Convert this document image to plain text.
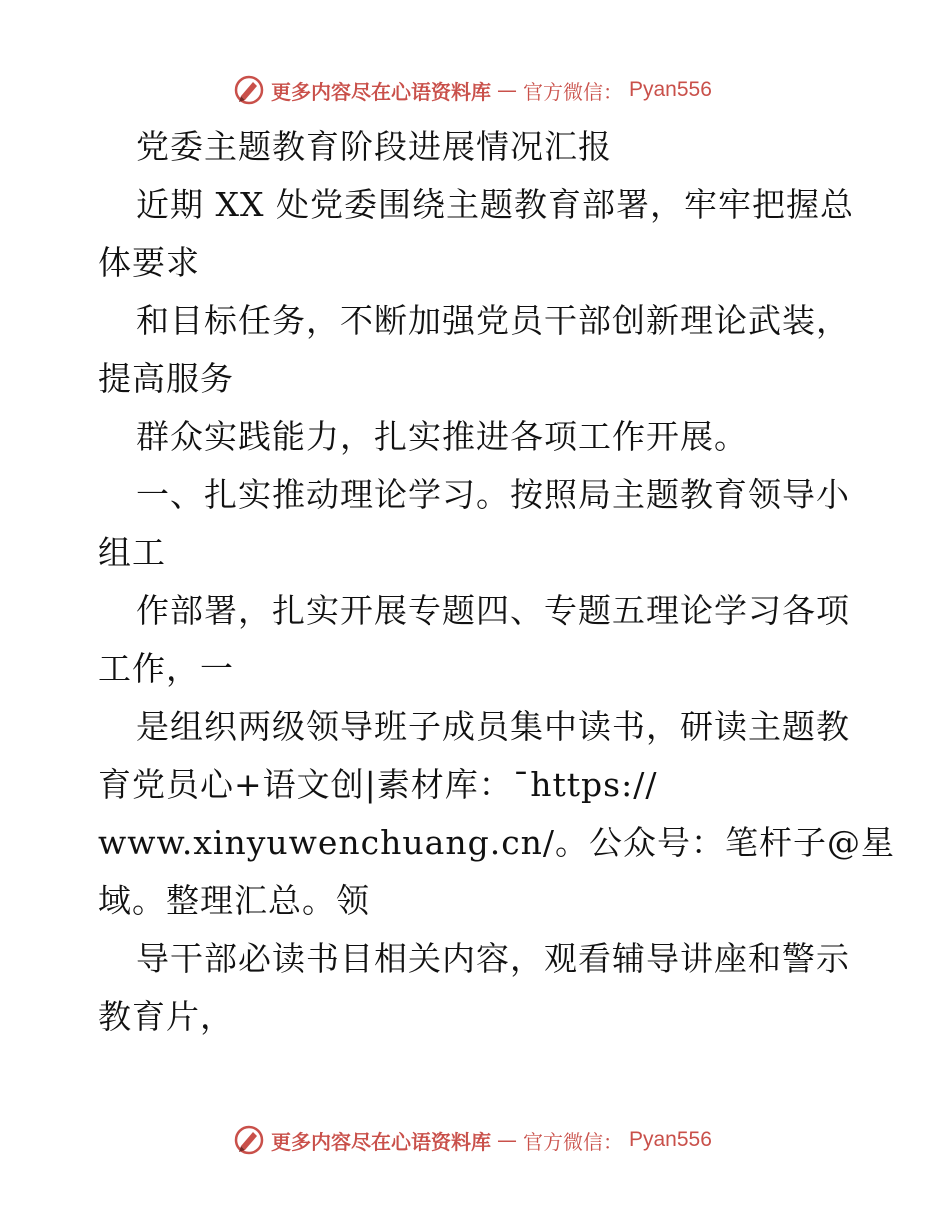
更多内容尽在心语资料库 — 官方微信： Pyan556
党委主题教育阶段进展情况汇报
近期 XX 处党委围绕主题教育部署，牢牢把握总
体要求
和目标任务，不断加强党员干部创新理论武装，
提高服务
群众实践能力，扎实推进各项工作开展。
一、扎实推动理论学习。按照局主题教育领导小
组工
作部署，扎实开展专题四、专题五理论学习各项
工作，一
是组织两级领导班子成员集中读书，研读主题教
育党员心+语文创|素材库：¯https://
www.xinyuwenchuang.cn/。公众号：笔杆子@星
域。整理汇总。领
导干部必读书目相关内容，观看辅导讲座和警示
教育片，
更多内容尽在心语资料库 — 官方微信： Pyan556
